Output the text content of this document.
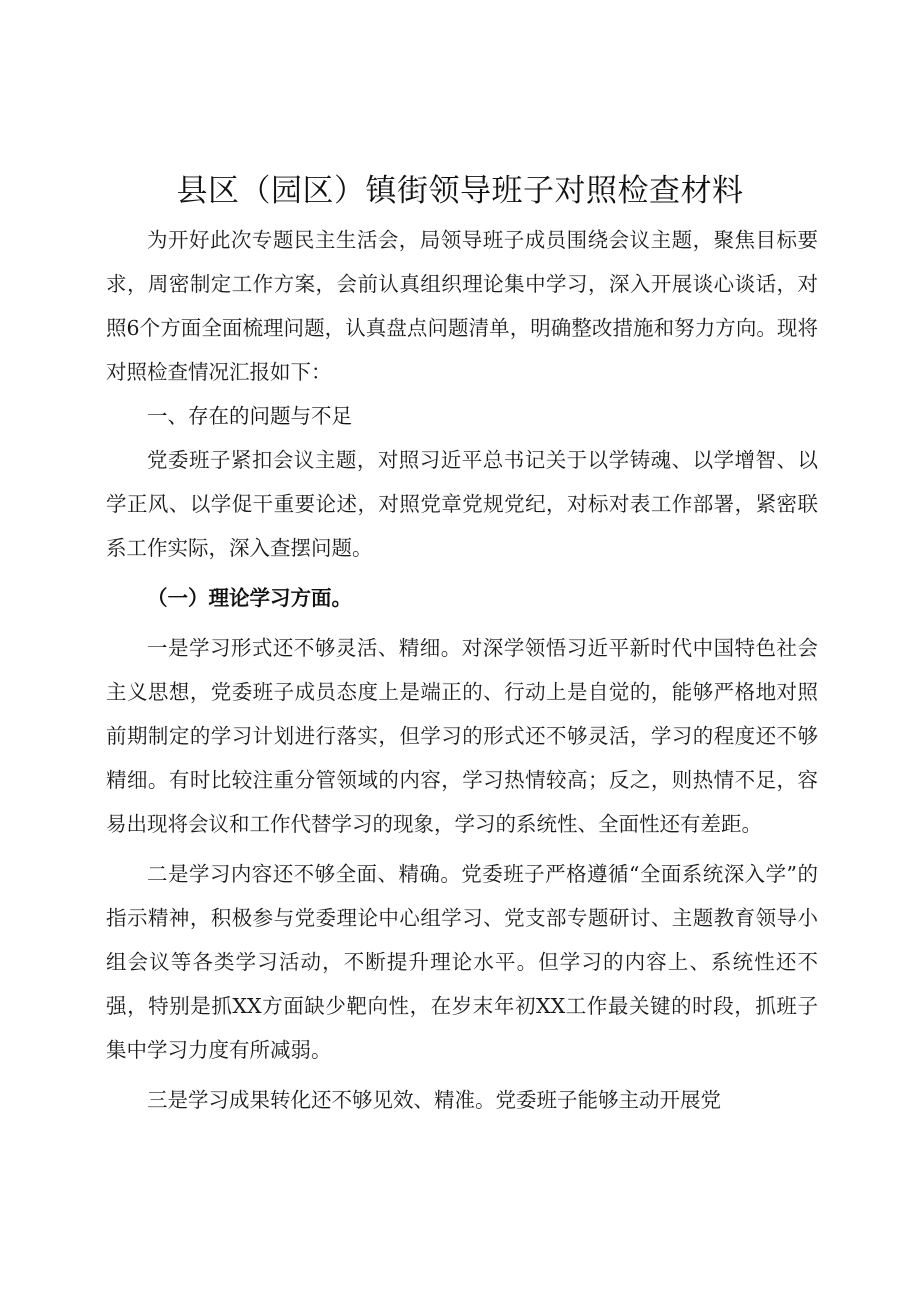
县区（园区）镇街领导班子对照检查材料

为开好此次专题民主生活会，局领导班子成员围绕会议主题，聚焦目标要求，周密制定工作方案，会前认真组织理论集中学习，深入开展谈心谈话，对照6个方面全面梳理问题，认真盘点问题清单，明确整改措施和努力方向。现将对照检查情况汇报如下：

一、存在的问题与不足

党委班子紧扣会议主题，对照习近平总书记关于以学铸魂、以学增智、以学正风、以学促干重要论述，对照党章党规党纪，对标对表工作部署，紧密联系工作实际，深入查摆问题。

（一）理论学习方面。

一是学习形式还不够灵活、精细。对深学领悟习近平新时代中国特色社会主义思想，党委班子成员态度上是端正的、行动上是自觉的，能够严格地对照前期制定的学习计划进行落实，但学习的形式还不够灵活，学习的程度还不够精细。有时比较注重分管领域的内容，学习热情较高；反之，则热情不足，容易出现将会议和工作代替学习的现象，学习的系统性、全面性还有差距。

二是学习内容还不够全面、精确。党委班子严格遵循“全面系统深入学”的指示精神，积极参与党委理论中心组学习、党支部专题研讨、主题教育领导小组会议等各类学习活动，不断提升理论水平。但学习的内容上、系统性还不强，特别是抓XX方面缺少靶向性，在岁末年初XX工作最关键的时段，抓班子集中学习力度有所减弱。

三是学习成果转化还不够见效、精准。党委班子能够主动开展党
